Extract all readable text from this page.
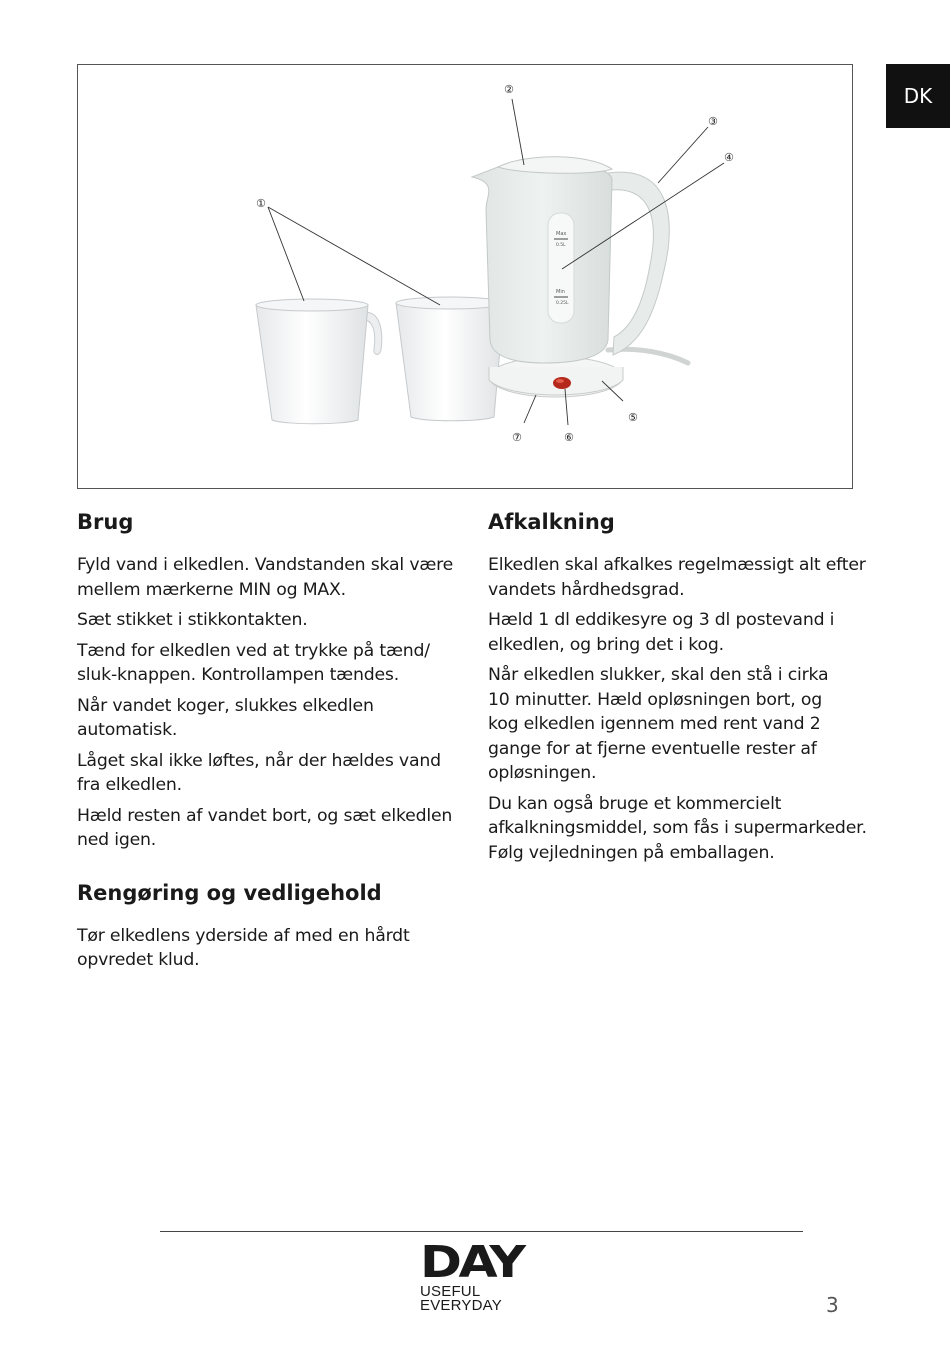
DK
Max
0.5L
Min
0.25L
①
②
③
④
⑤
⑥
⑦
Brug

Fyld vand i elkedlen. Vandstanden skal være
mellem mærkerne MIN og MAX.

Sæt stikket i stikkontakten.

Tænd for elkedlen ved at trykke på tænd/
sluk-knappen. Kontrollampen tændes.

Når vandet koger, slukkes elkedlen
automatisk.

Låget skal ikke løftes, når der hældes vand
fra elkedlen.

Hæld resten af vandet bort, og sæt elkedlen
ned igen.

Rengøring og vedligehold

Tør elkedlens yderside af med en hårdt
opvredet klud.

Afkalkning

Elkedlen skal afkalkes regelmæssigt alt efter
vandets hårdhedsgrad.

Hæld 1 dl eddikesyre og 3 dl postevand i
elkedlen, og bring det i kog.

Når elkedlen slukker, skal den stå i cirka
10 minutter. Hæld opløsningen bort, og
kog elkedlen igennem med rent vand 2
gange for at fjerne eventuelle rester af
opløsningen.

Du kan også bruge et kommercielt
afkalkningsmiddel, som fås i supermarkeder.
Følg vejledningen på emballagen.

DAY
USEFUL
EVERYDAY	3
